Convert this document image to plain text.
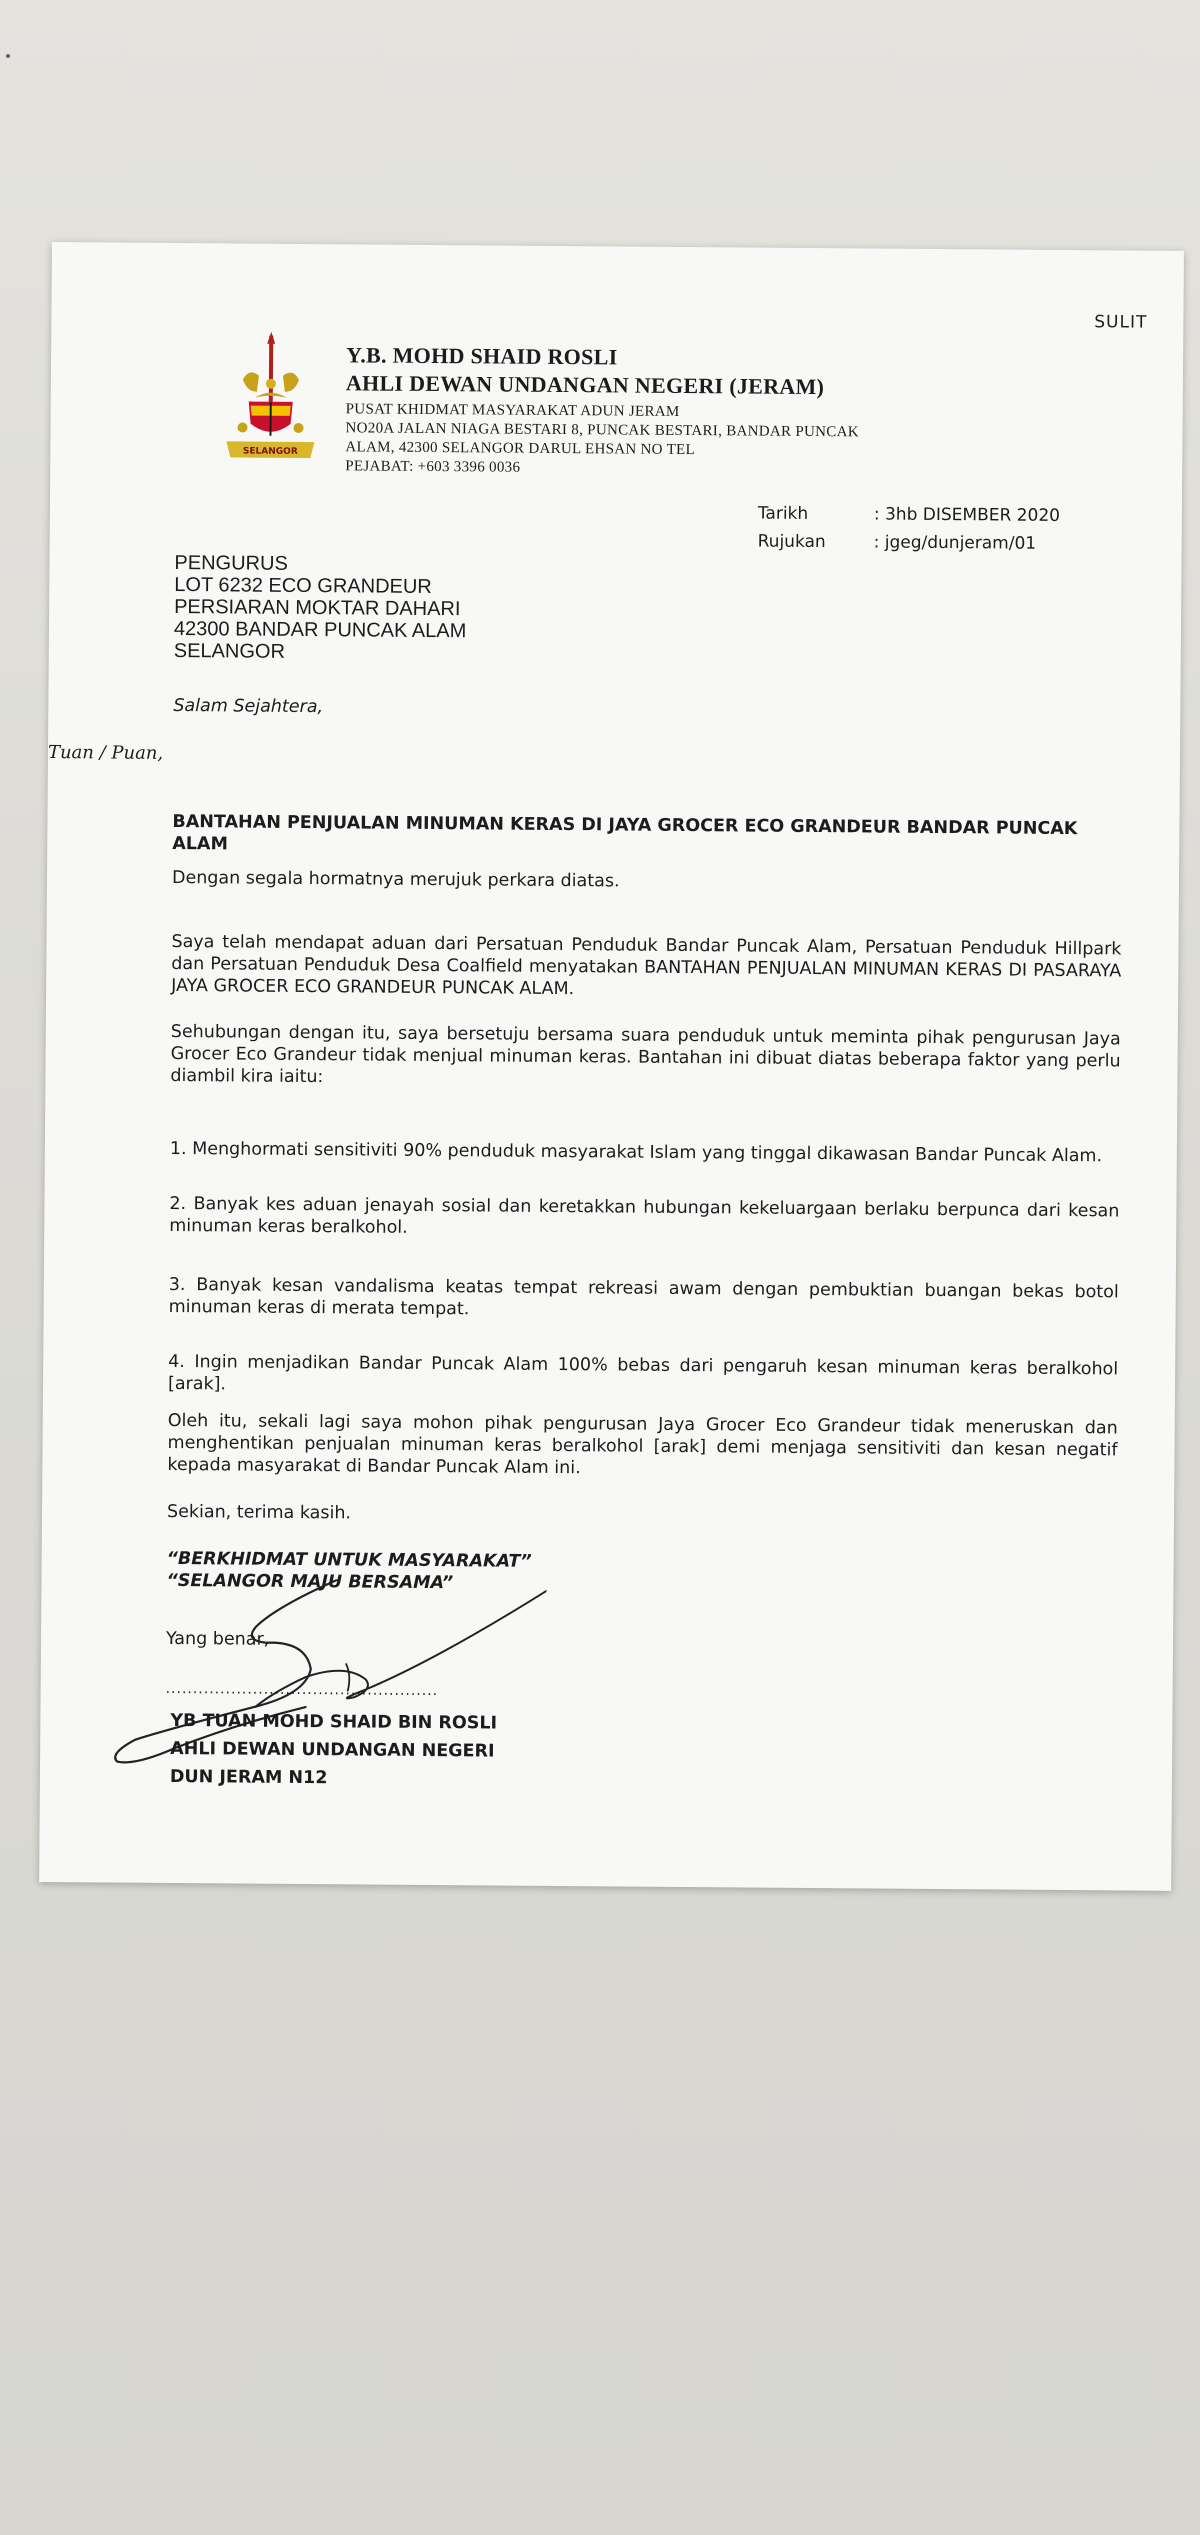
SULIT
SELANGOR
Y.B. MOHD SHAID ROSLI
AHLI DEWAN UNDANGAN NEGERI (JERAM)
PUSAT KHIDMAT MASYARAKAT ADUN JERAM
NO20A JALAN NIAGA BESTARI 8, PUNCAK BESTARI, BANDAR PUNCAK
ALAM, 42300 SELANGOR DARUL EHSAN NO TEL
PEJABAT: +603 3396 0036
Tarikh	: 3hb DISEMBER 2020
Rujukan	: jgeg/dunjeram/01
PENGURUS
LOT 6232 ECO GRANDEUR
PERSIARAN MOKTAR DAHARI
42300 BANDAR PUNCAK ALAM
SELANGOR
Salam Sejahtera,
Tuan / Puan,
BANTAHAN PENJUALAN MINUMAN KERAS DI JAYA GROCER ECO GRANDEUR BANDAR PUNCAK ALAM
Dengan segala hormatnya merujuk perkara diatas.
Saya telah mendapat aduan dari Persatuan Penduduk Bandar Puncak Alam, Persatuan Penduduk Hillpark dan Persatuan Penduduk Desa Coalfield menyatakan BANTAHAN PENJUALAN MINUMAN KERAS DI PASARAYA JAYA GROCER ECO GRANDEUR PUNCAK ALAM.
Sehubungan dengan itu, saya bersetuju bersama suara penduduk untuk meminta pihak pengurusan Jaya Grocer Eco Grandeur tidak menjual minuman keras. Bantahan ini dibuat diatas beberapa faktor yang perlu diambil kira iaitu:
1. Menghormati sensitiviti 90% penduduk masyarakat Islam yang tinggal dikawasan Bandar Puncak Alam.
2. Banyak kes aduan jenayah sosial dan keretakkan hubungan kekeluargaan berlaku berpunca dari kesan minuman keras beralkohol.
3. Banyak kesan vandalisma keatas tempat rekreasi awam dengan pembuktian buangan bekas botol minuman keras di merata tempat.
4. Ingin menjadikan Bandar Puncak Alam 100% bebas dari pengaruh kesan minuman keras beralkohol [arak].
Oleh itu, sekali lagi saya mohon pihak pengurusan Jaya Grocer Eco Grandeur tidak meneruskan dan menghentikan penjualan minuman keras beralkohol [arak] demi menjaga sensitiviti dan kesan negatif kepada masyarakat di Bandar Puncak Alam ini.
Sekian, terima kasih.
“BERKHIDMAT UNTUK MASYARAKAT”
“SELANGOR MAJU BERSAMA”
Yang benar,
..................................................
YB TUAN MOHD SHAID BIN ROSLI
AHLI DEWAN UNDANGAN NEGERI
DUN JERAM N12
